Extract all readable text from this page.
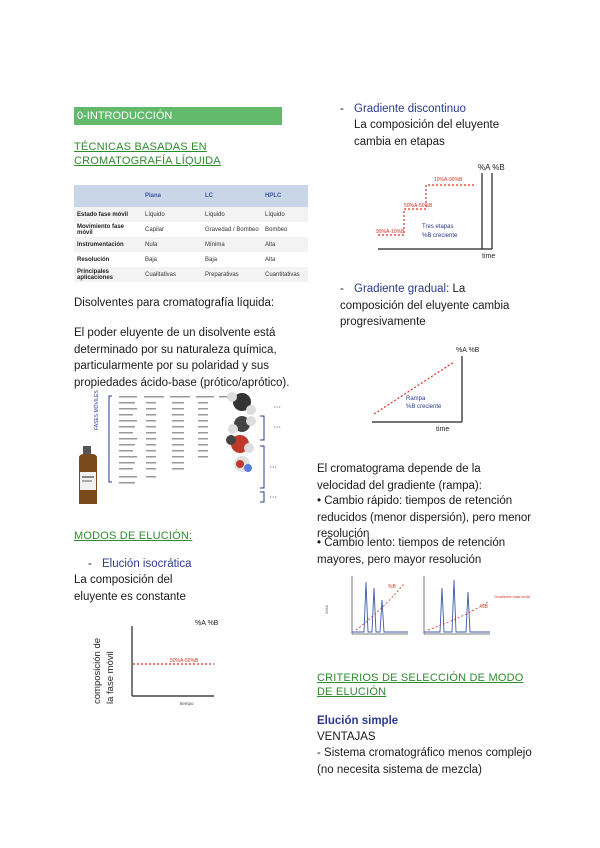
0-INTRODUCCIÓN
TÉCNICAS BASADAS EN CROMATOGRAFÍA LÍQUIDA
	Plana	LC	HPLC
Estado fase móvil	Líquido	Líquido	Líquido
Movimiento fase móvil	Capilar	Gravedad / Bombeo	Bombeo
Instrumentación	Nula	Mínima	Alta
Resolución	Baja	Baja	Alta
Principales aplicaciones	Cualitativas	Preparativas	Cuantitativas
Disolventes para cromatografía líquida:
El poder eluyente de un disolvente está determinado por su naturaleza química, particularmente por su polaridad y sus propiedades ácido-base (prótico/aprótico).
• • •
• • •
• • •
• • •
FASES MÓVILES
MODOS DE ELUCIÓN:
- Elución isocrática
La composición del eluyente es constante
%A %B
50%A-50%B
tiempo
composición de la fase móvil
- Gradiente discontinuo
La composición del eluyente cambia en etapas
%A %B
90%A-10%B
50%A-50%B
10%A-90%B
Tres etapas
%B creciente
time
- Gradiente gradual: La composición del eluyente cambia progresivamente
%A %B
Rampa
%B creciente
time
El cromatograma depende de la velocidad del gradiente (rampa):
• Cambio rápido: tiempos de retención reducidos (menor dispersión), pero menor resolución
• Cambio lento: tiempos de retención mayores, pero mayor resolución
%B
Señal	%B
Gradiente más lento
CRITERIOS DE SELECCIÓN DE MODO DE ELUCIÓN
Elución simple
VENTAJAS
- Sistema cromatográfico menos complejo (no necesita sistema de mezcla)
